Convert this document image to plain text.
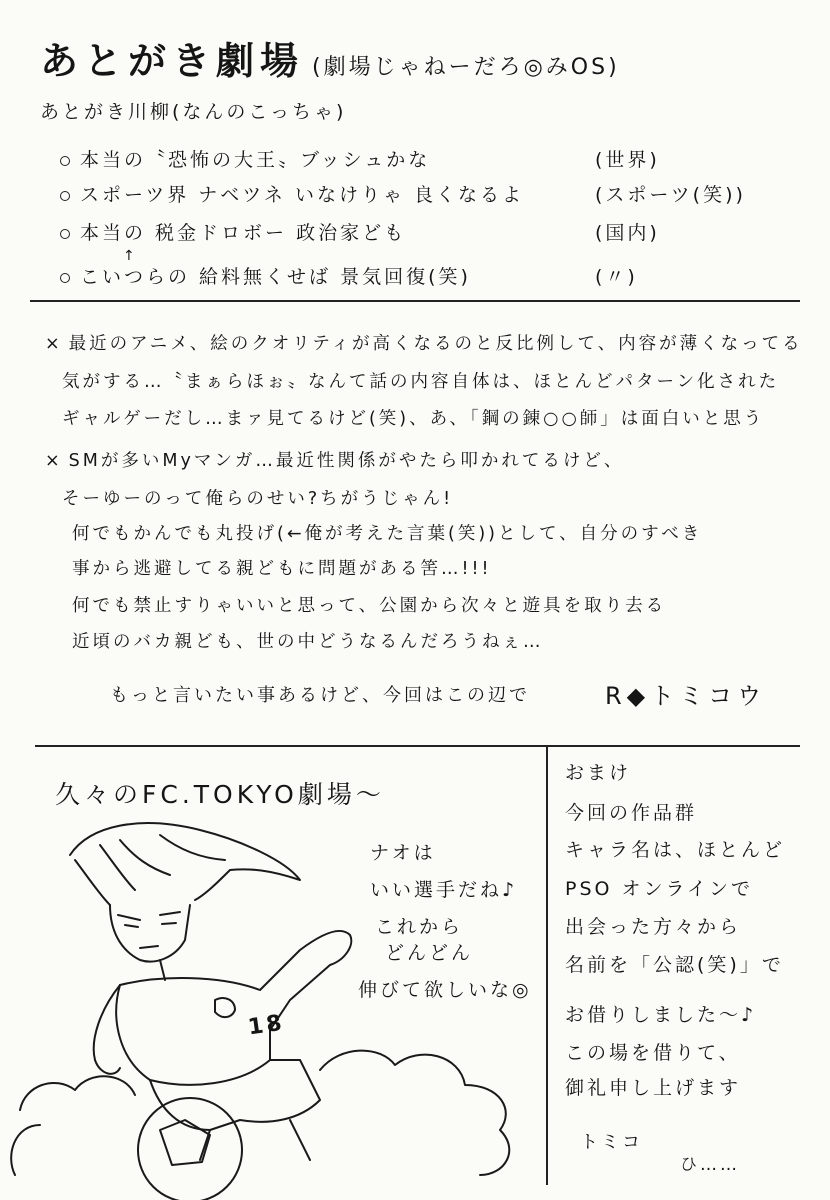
あとがき劇場 (劇場じゃねーだろ◎みOS)
あとがき川柳(なんのこっちゃ)
本当の〝恐怖の大王〟ブッシュかな	(世界)
スポーツ界 ナベツネ いなけりゃ 良くなるよ	(スポーツ(笑))
本当の 税金ドロボー 政治家ども	(国内)
↑
こいつらの 給料無くせば 景気回復(笑)	(〃)
× 最近のアニメ、絵のクオリティが高くなるのと反比例して、内容が薄くなってる
気がする…〝まぁらほぉ〟なんて話の内容自体は、ほとんどパターン化された
ギャルゲーだし…まァ見てるけど(笑)、あ、「鋼の錬○○師」は面白いと思う
× SMが多いMyマンガ…最近性関係がやたら叩かれてるけど、
そーゆーのって俺らのせい?ちがうじゃん!
何でもかんでも丸投げ(←俺が考えた言葉(笑))として、自分のすべき
事から逃避してる親どもに問題がある筈…!!!
何でも禁止すりゃいいと思って、公園から次々と遊具を取り去る
近頃のバカ親ども、世の中どうなるんだろうねぇ…
もっと言いたい事あるけど、今回はこの辺で	R◆トミコウ
久々のFC.TOKYO劇場〜
18
ナオは
いい選手だね♪
これから
どんどん
伸びて欲しいな◎
おまけ
今回の作品群
キャラ名は、ほとんど
PSO オンラインで
出会った方々から
名前を「公認(笑)」で
お借りしました〜♪
この場を借りて、
御礼申し上げます
トミコ
ひ……
